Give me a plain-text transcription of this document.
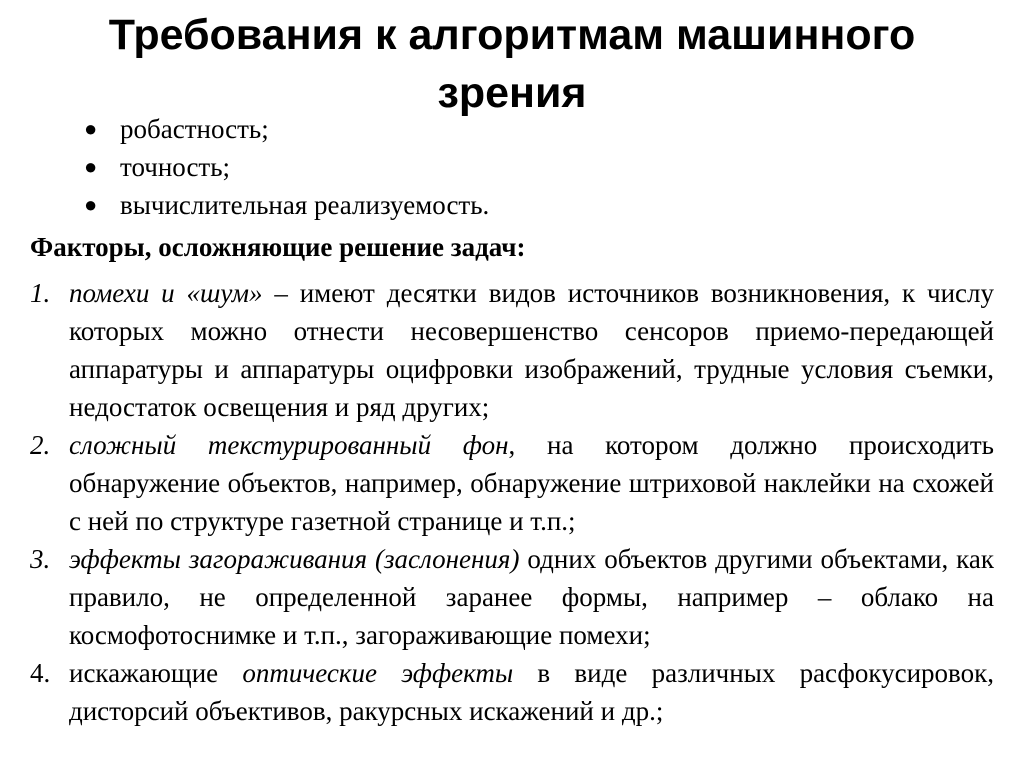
Требования к алгоритмам машинного зрения
● робастность;
● точность;
● вычислительная реализуемость.

Факторы, осложняющие решение задач:

1. помехи и «шум» – имеют десятки видов источников возникновения, к числу которых можно отнести несовершенство сенсоров приемо-передающей аппаратуры и аппаратуры оцифровки изображений, трудные условия съемки, недостаток освещения и ряд других;
2. сложный текстурированный фон, на котором должно происходить обнаружение объектов, например, обнаружение штриховой наклейки на схожей с ней по структуре газетной странице и т.п.;
3. эффекты загораживания (заслонения) одних объектов другими объектами, как правило, не определенной заранее формы, например – облако на космофотоснимке и т.п., загораживающие помехи;
4. искажающие оптические эффекты в виде различных расфокусировок, дисторсий объективов, ракурсных искажений и др.;
